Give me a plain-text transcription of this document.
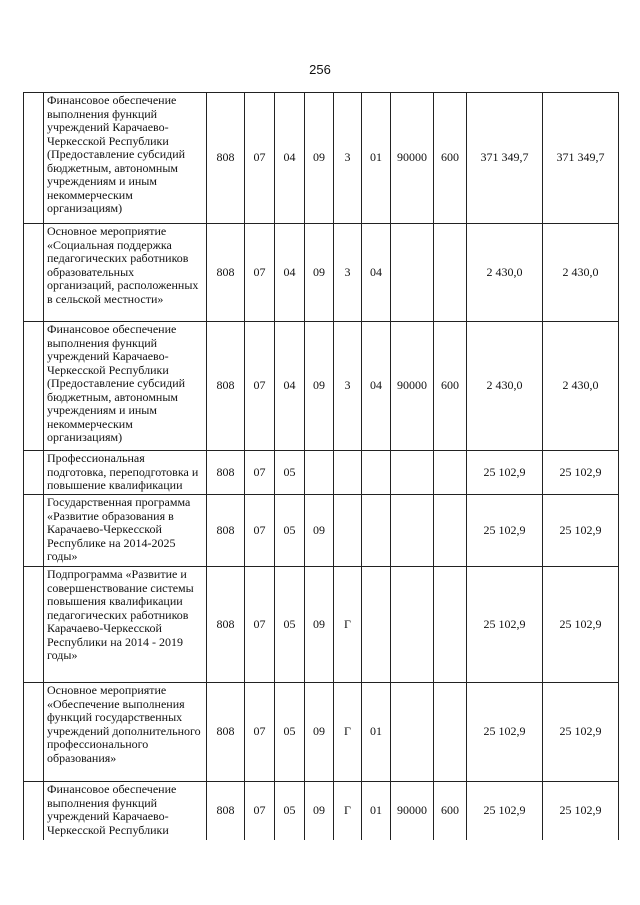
256
	Финансовое обеспечение выполнения функций учреждений Карачаево-Черкесской Республики (Предоставление субсидий бюджетным, автономным учреждениям и иным некоммерческим организациям)	808	07	04	09	3	01	90000	600	371 349,7	371 349,7
	Основное мероприятие «Социальная поддержка педагогических работников образовательных организаций, расположенных в сельской местности»	808	07	04	09	3	04			2 430,0	2 430,0
	Финансовое обеспечение выполнения функций учреждений Карачаево-Черкесской Республики (Предоставление субсидий бюджетным, автономным учреждениям и иным некоммерческим организациям)	808	07	04	09	3	04	90000	600	2 430,0	2 430,0
	Профессиональная подготовка, переподготовка и повышение квалификации	808	07	05						25 102,9	25 102,9
	Государственная программа «Развитие образования в Карачаево-Черкесской Республике на 2014-2025 годы»	808	07	05	09					25 102,9	25 102,9
	Подпрограмма «Развитие и совершенствование системы повышения квалификации педагогических работников Карачаево-Черкесской Республики на 2014 - 2019 годы»	808	07	05	09	Г				25 102,9	25 102,9
	Основное мероприятие «Обеспечение выполнения функций государственных учреждений дополнительного профессионального образования»	808	07	05	09	Г	01			25 102,9	25 102,9
	Финансовое обеспечение выполнения функций учреждений Карачаево-Черкесской Республики	808	07	05	09	Г	01	90000	600	25 102,9	25 102,9
